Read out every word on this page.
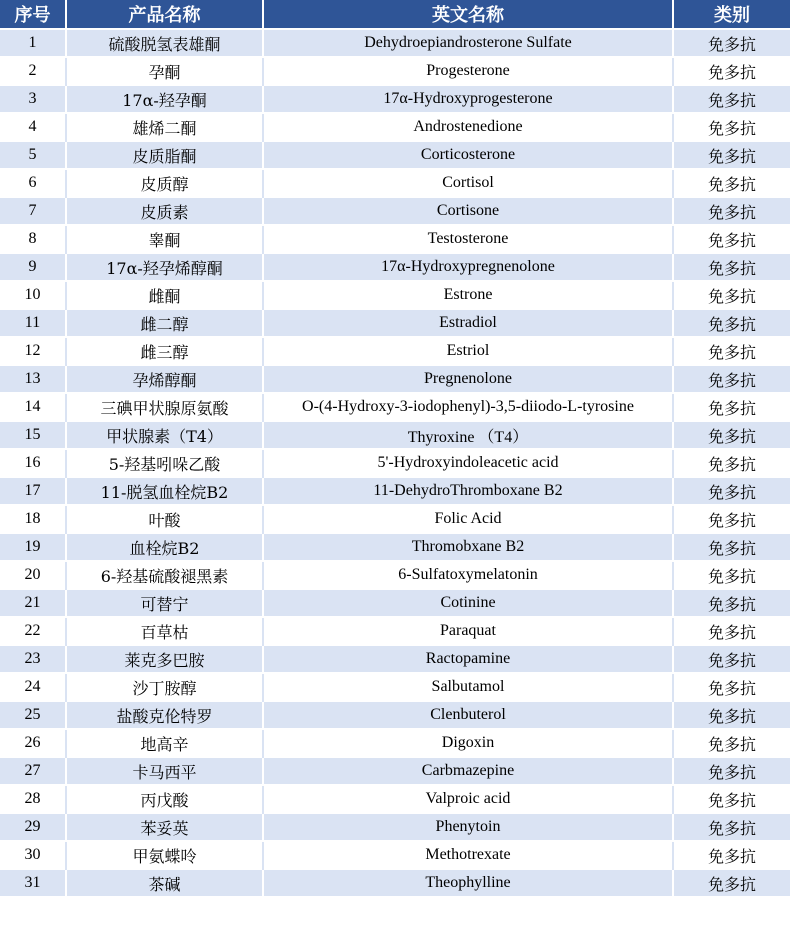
序号	产品名称	英文名称	类别
1	硫酸脱氢表雄酮	Dehydroepiandrosterone Sulfate	免多抗
2	孕酮	Progesterone	免多抗
3	17α-羟孕酮	17α-Hydroxyprogesterone	免多抗
4	雄烯二酮	Androstenedione	免多抗
5	皮质脂酮	Corticosterone	免多抗
6	皮质醇	Cortisol	免多抗
7	皮质素	Cortisone	免多抗
8	睾酮	Testosterone	免多抗
9	17α-羟孕烯醇酮	17α-Hydroxypregnenolone	免多抗
10	雌酮	Estrone	免多抗
11	雌二醇	Estradiol	免多抗
12	雌三醇	Estriol	免多抗
13	孕烯醇酮	Pregnenolone	免多抗
14	三碘甲状腺原氨酸	O-(4-Hydroxy-3-iodophenyl)-3,5-diiodo-L-tyrosine	免多抗
15	甲状腺素（T4）	Thyroxine （T4）	免多抗
16	5-羟基吲哚乙酸	5'-Hydroxyindoleacetic acid	免多抗
17	11-脱氢血栓烷B2	11-DehydroThromboxane B2	免多抗
18	叶酸	Folic Acid	免多抗
19	血栓烷B2	Thromobxane B2	免多抗
20	6-羟基硫酸褪黑素	6-Sulfatoxymelatonin	免多抗
21	可替宁	Cotinine	免多抗
22	百草枯	Paraquat	免多抗
23	莱克多巴胺	Ractopamine	免多抗
24	沙丁胺醇	Salbutamol	免多抗
25	盐酸克伦特罗	Clenbuterol	免多抗
26	地高辛	Digoxin	免多抗
27	卡马西平	Carbmazepine	免多抗
28	丙戊酸	Valproic acid	免多抗
29	苯妥英	Phenytoin	免多抗
30	甲氨蝶呤	Methotrexate	免多抗
31	茶碱	Theophylline	免多抗
